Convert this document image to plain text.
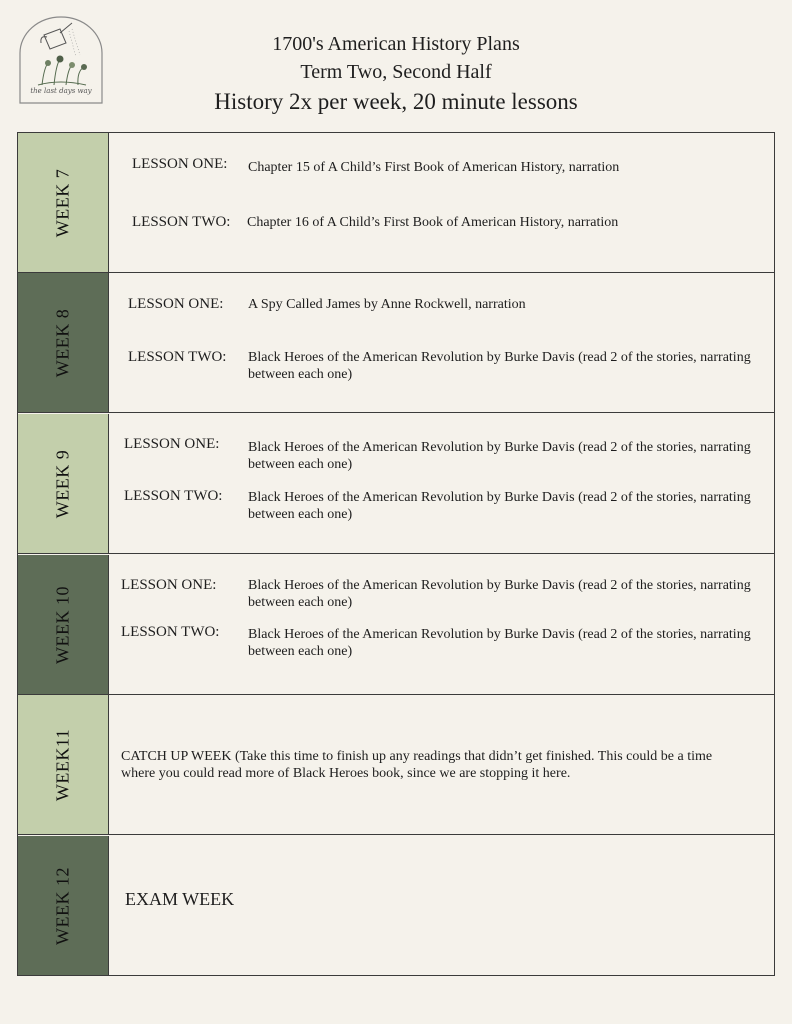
the last days way
1700's American History Plans
Term Two, Second Half
History 2x per week, 20 minute lessons
WEEK 7
LESSON ONE: Chapter 15 of A Child’s First Book of American History, narration
LESSON TWO: Chapter 16 of A Child’s First Book of American History, narration
WEEK 8
LESSON ONE: A Spy Called James by Anne Rockwell, narration
LESSON TWO: Black Heroes of the American Revolution by Burke Davis (read 2 of the stories, narrating between each one)
WEEK 9
LESSON ONE: Black Heroes of the American Revolution by Burke Davis (read 2 of the stories, narrating between each one)
LESSON TWO: Black Heroes of the American Revolution by Burke Davis (read 2 of the stories, narrating between each one)
WEEK 10
LESSON ONE: Black Heroes of the American Revolution by Burke Davis (read 2 of the stories, narrating between each one)
LESSON TWO: Black Heroes of the American Revolution by Burke Davis (read 2 of the stories, narrating between each one)
WEEK11	CATCH UP WEEK (Take this time to finish up any readings that didn’t get finished. This could be a time where you could read more of Black Heroes book, since we are stopping it here.
WEEK 12	EXAM WEEK
